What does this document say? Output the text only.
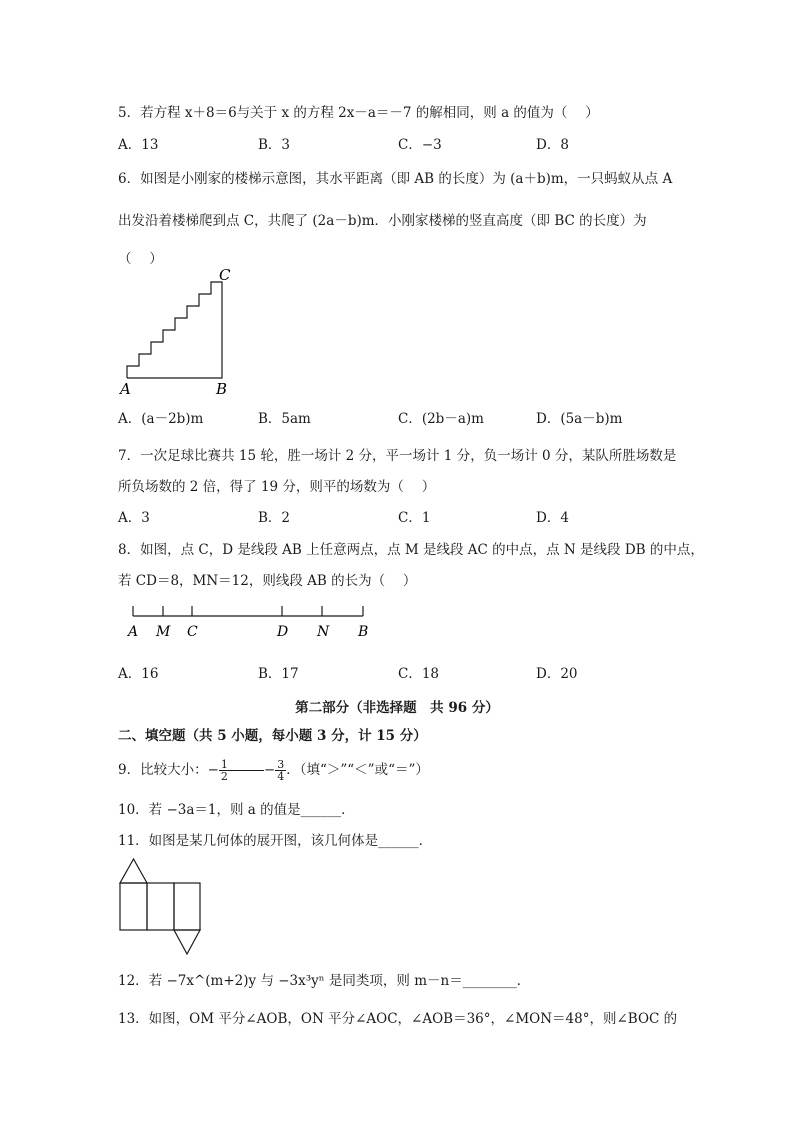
5．若方程 x＋8＝6与关于 x 的方程 2x－a＝－7 的解相同，则 a 的值为（　 ）
A．13	B．3	C．−3	D．8
6．如图是小刚家的楼梯示意图，其水平距离（即 AB 的长度）为 (a＋b)m，一只蚂蚁从点 A
出发沿着楼梯爬到点 C，共爬了 (2a－b)m．小刚家楼梯的竖直高度（即 BC 的长度）为
（　 ）
C
A	B
A．(a－2b)m	B．5am	C．(2b－a)m	D．(5a－b)m
7．一次足球比赛共 15 轮，胜一场计 2 分，平一场计 1 分，负一场计 0 分，某队所胜场数是
所负场数的 2 倍，得了 19 分，则平的场数为（　 ）
A．3	B．2	C．1	D．4
8．如图，点 C，D 是线段 AB 上任意两点，点 M 是线段 AC 的中点，点 N 是线段 DB 的中点，
若 CD＝8，MN＝12，则线段 AB 的长为（　 ）
A M C	D N B
A．16	B．17	C．18	D．20
第二部分（非选择题　共 96 分）
二、填空题（共 5 小题，每小题 3 分，计 15 分）
9．比较大小：− $\frac{1}{2}$	− $\frac{3}{4}$ ．（填“＞”“＜”或“＝”）
10．若 −3a＝1，则 a 的值是______．
11．如图是某几何体的展开图，该几何体是______．
12．若 −7x^(m+2)y 与 −3x³yⁿ 是同类项，则 m－n＝________．
13．如图，OM 平分∠AOB，ON 平分∠AOC，∠AOB＝36°，∠MON＝48°，则∠BOC 的
